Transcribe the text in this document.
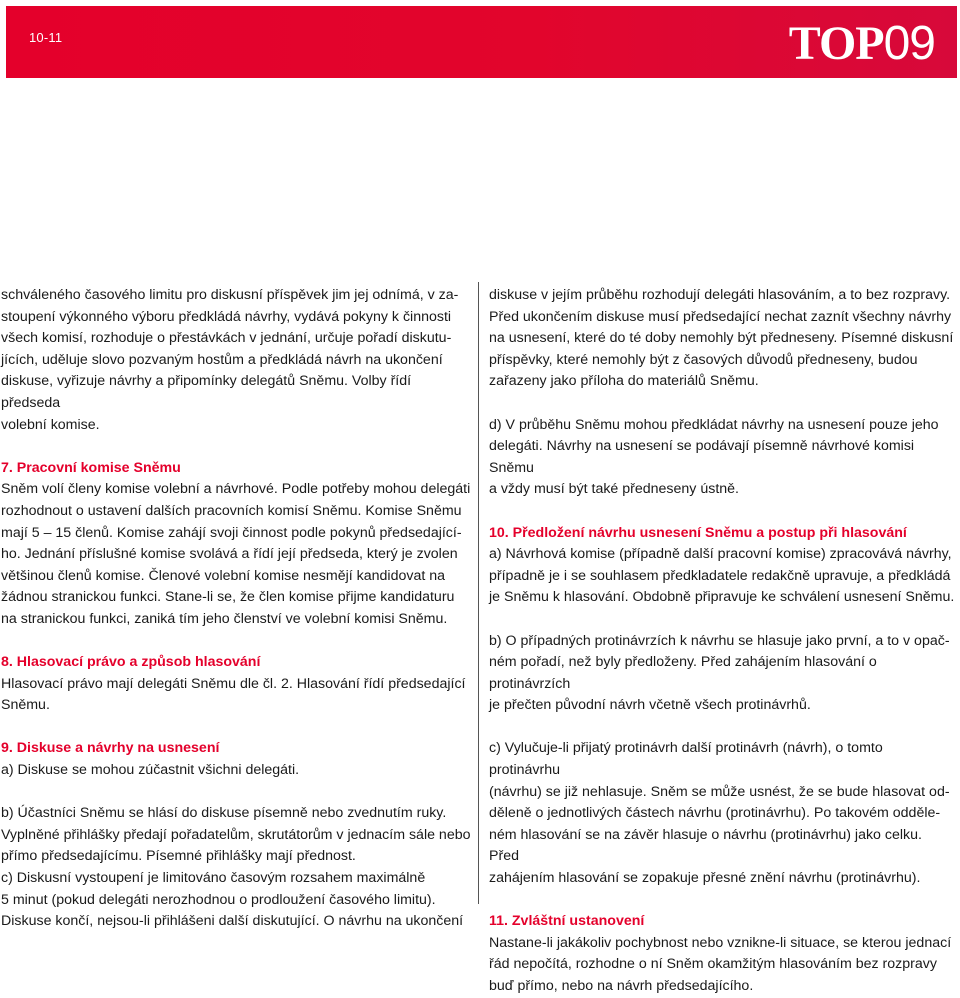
10-11	TOP09

schváleného časového limitu pro diskusní příspěvek jim jej odnímá, v za-
stoupení výkonného výboru předkládá návrhy, vydává pokyny k činnosti
všech komisí, rozhoduje o přestávkách v jednání, určuje pořadí diskutu-
jících, uděluje slovo pozvaným hostům a předkládá návrh na ukončení
diskuse, vyřizuje návrhy a připomínky delegátů Sněmu. Volby řídí předseda
volební komise.

7. Pracovní komise Sněmu

Sněm volí členy komise volební a návrhové. Podle potřeby mohou delegáti
rozhodnout o ustavení dalších pracovních komisí Sněmu. Komise Sněmu
mají 5 – 15 členů. Komise zahájí svoji činnost podle pokynů předsedající-
ho. Jednání příslušné komise svolává a řídí její předseda, který je zvolen
většinou členů komise. Členové volební komise nesmějí kandidovat na
žádnou stranickou funkci. Stane-li se, že člen komise přijme kandidaturu
na stranickou funkci, zaniká tím jeho členství ve volební komisi Sněmu.

8. Hlasovací právo a způsob hlasování

Hlasovací právo mají delegáti Sněmu dle čl. 2. Hlasování řídí předsedající
Sněmu.

9. Diskuse a návrhy na usnesení

a) Diskuse se mohou zúčastnit všichni delegáti.

b) Účastníci Sněmu se hlásí do diskuse písemně nebo zvednutím ruky.
Vyplněné přihlášky předají pořadatelům, skrutátorům v jednacím sále nebo
přímo předsedajícímu. Písemné přihlášky mají přednost.

c) Diskusní vystoupení je limitováno časovým rozsahem maximálně
5 minut (pokud delegáti nerozhodnou o prodloužení časového limitu).
Diskuse končí, nejsou-li přihlášeni další diskutující. O návrhu na ukončení

diskuse v jejím průběhu rozhodují delegáti hlasováním, a to bez rozpravy.
Před ukončením diskuse musí předsedající nechat zaznít všechny návrhy
na usnesení, které do té doby nemohly být předneseny. Písemné diskusní
příspěvky, které nemohly být z časových důvodů předneseny, budou
zařazeny jako příloha do materiálů Sněmu.

d) V průběhu Sněmu mohou předkládat návrhy na usnesení pouze jeho
delegáti. Návrhy na usnesení se podávají písemně návrhové komisi Sněmu
a vždy musí být také předneseny ústně.

10. Předložení návrhu usnesení Sněmu a postup při hlasování

a) Návrhová komise (případně další pracovní komise) zpracovává návrhy,
případně je i se souhlasem předkladatele redakčně upravuje, a předkládá
je Sněmu k hlasování. Obdobně připravuje ke schválení usnesení Sněmu.

b) O případných protinávrzích k návrhu se hlasuje jako první, a to v opač-
ném pořadí, než byly předloženy. Před zahájením hlasování o protinávrzích
je přečten původní návrh včetně všech protinávrhů.

c) Vylučuje-li přijatý protinávrh další protinávrh (návrh), o tomto protinávrhu
(návrhu) se již nehlasuje. Sněm se může usnést, že se bude hlasovat od-
děleně o jednotlivých částech návrhu (protinávrhu). Po takovém odděle-
ném hlasování se na závěr hlasuje o návrhu (protinávrhu) jako celku. Před
zahájením hlasování se zopakuje přesné znění návrhu (protinávrhu).

11. Zvláštní ustanovení

Nastane-li jakákoliv pochybnost nebo vznikne-li situace, se kterou jednací
řád nepočítá, rozhodne o ní Sněm okamžitým hlasováním bez rozpravy
buď přímo, nebo na návrh předsedajícího.
